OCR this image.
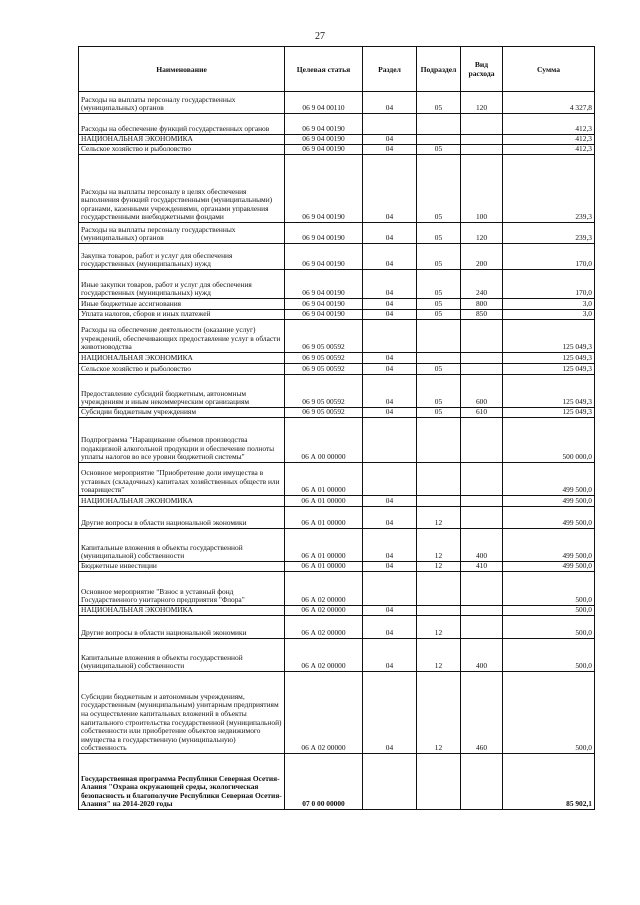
27
Наименование	Целевая статья	Раздел	Подраздел	Вид расхода	Сумма
Расходы на выплаты персоналу государственных (муниципальных) органов	06 9 04 00110	04	05	120	4 327,8
Расходы на обеспечение функций государственных органов	06 9 04 00190				412,3
НАЦИОНАЛЬНАЯ ЭКОНОМИКА	06 9 04 00190	04			412,3
Сельское хозяйство и рыболовство	06 9 04 00190	04	05		412,3
Расходы на выплаты персоналу в целях обеспечения выполнения функций государственными (муниципальными) органами, казенными учреждениями, органами управления государственными внебюджетными фондами	06 9 04 00190	04	05	100	239,3
Расходы на выплаты персоналу государственных (муниципальных) органов	06 9 04 00190	04	05	120	239,3
Закупка товаров, работ и услуг для обеспечения государственных (муниципальных) нужд	06 9 04 00190	04	05	200	170,0
Иные закупки товаров, работ и услуг для обеспечения государственных (муниципальных) нужд	06 9 04 00190	04	05	240	170,0
Иные бюджетные ассигнования	06 9 04 00190	04	05	800	3,0
Уплата налогов, сборов и иных платежей	06 9 04 00190	04	05	850	3,0
Расходы на обеспечение деятельности (оказание услуг) учреждений, обеспечивающих предоставление услуг в области животноводства	06 9 05 00592				125 049,3
НАЦИОНАЛЬНАЯ ЭКОНОМИКА	06 9 05 00592	04			125 049,3
Сельское хозяйство и рыболовство	06 9 05 00592	04	05		125 049,3
Предоставление субсидий бюджетным, автономным учреждениям и иным некоммерческим организациям	06 9 05 00592	04	05	600	125 049,3
Субсидии бюджетным учреждениям	06 9 05 00592	04	05	610	125 049,3
Подпрограмма "Наращивание объемов производства подакцизной алкогольной продукции и обеспечение полноты уплаты налогов во все уровни бюджетной системы"	06 А 00 00000				500 000,0
Основное мероприятие "Приобретение доли имущества в уставных (складочных) капиталах хозяйственных обществ или товариществ"	06 А 01 00000				499 500,0
НАЦИОНАЛЬНАЯ ЭКОНОМИКА	06 А 01 00000	04			499 500,0
Другие вопросы в области национальной экономики	06 А 01 00000	04	12		499 500,0
Капитальные вложения в объекты государственной (муниципальной) собственности	06 А 01 00000	04	12	400	499 500,0
Бюджетные инвестиции	06 А 01 00000	04	12	410	499 500,0
Основное мероприятие "Взнос в уставный фонд Государственного унитарного предприятия "Флора"	06 А 02 00000				500,0
НАЦИОНАЛЬНАЯ ЭКОНОМИКА	06 А 02 00000	04			500,0
Другие вопросы в области национальной экономики	06 А 02 00000	04	12		500,0
Капитальные вложения в объекты государственной (муниципальной) собственности	06 А 02 00000	04	12	400	500,0
Субсидии бюджетным и автономным учреждениям, государственным (муниципальным) унитарным предприятиям на осуществление капитальных вложений в объекты капитального строительства государственной (муниципальной) собственности или приобретение объектов недвижимого имущества в государственную (муниципальную) собственность	06 А 02 00000	04	12	460	500,0
Государственная программа Республики Северная Осетия-Алания "Охрана окружающей среды, экологическая безопасность и благополучие Республики Северная Осетия-Алания" на 2014-2020 годы	07 0 00 00000				85 902,1
